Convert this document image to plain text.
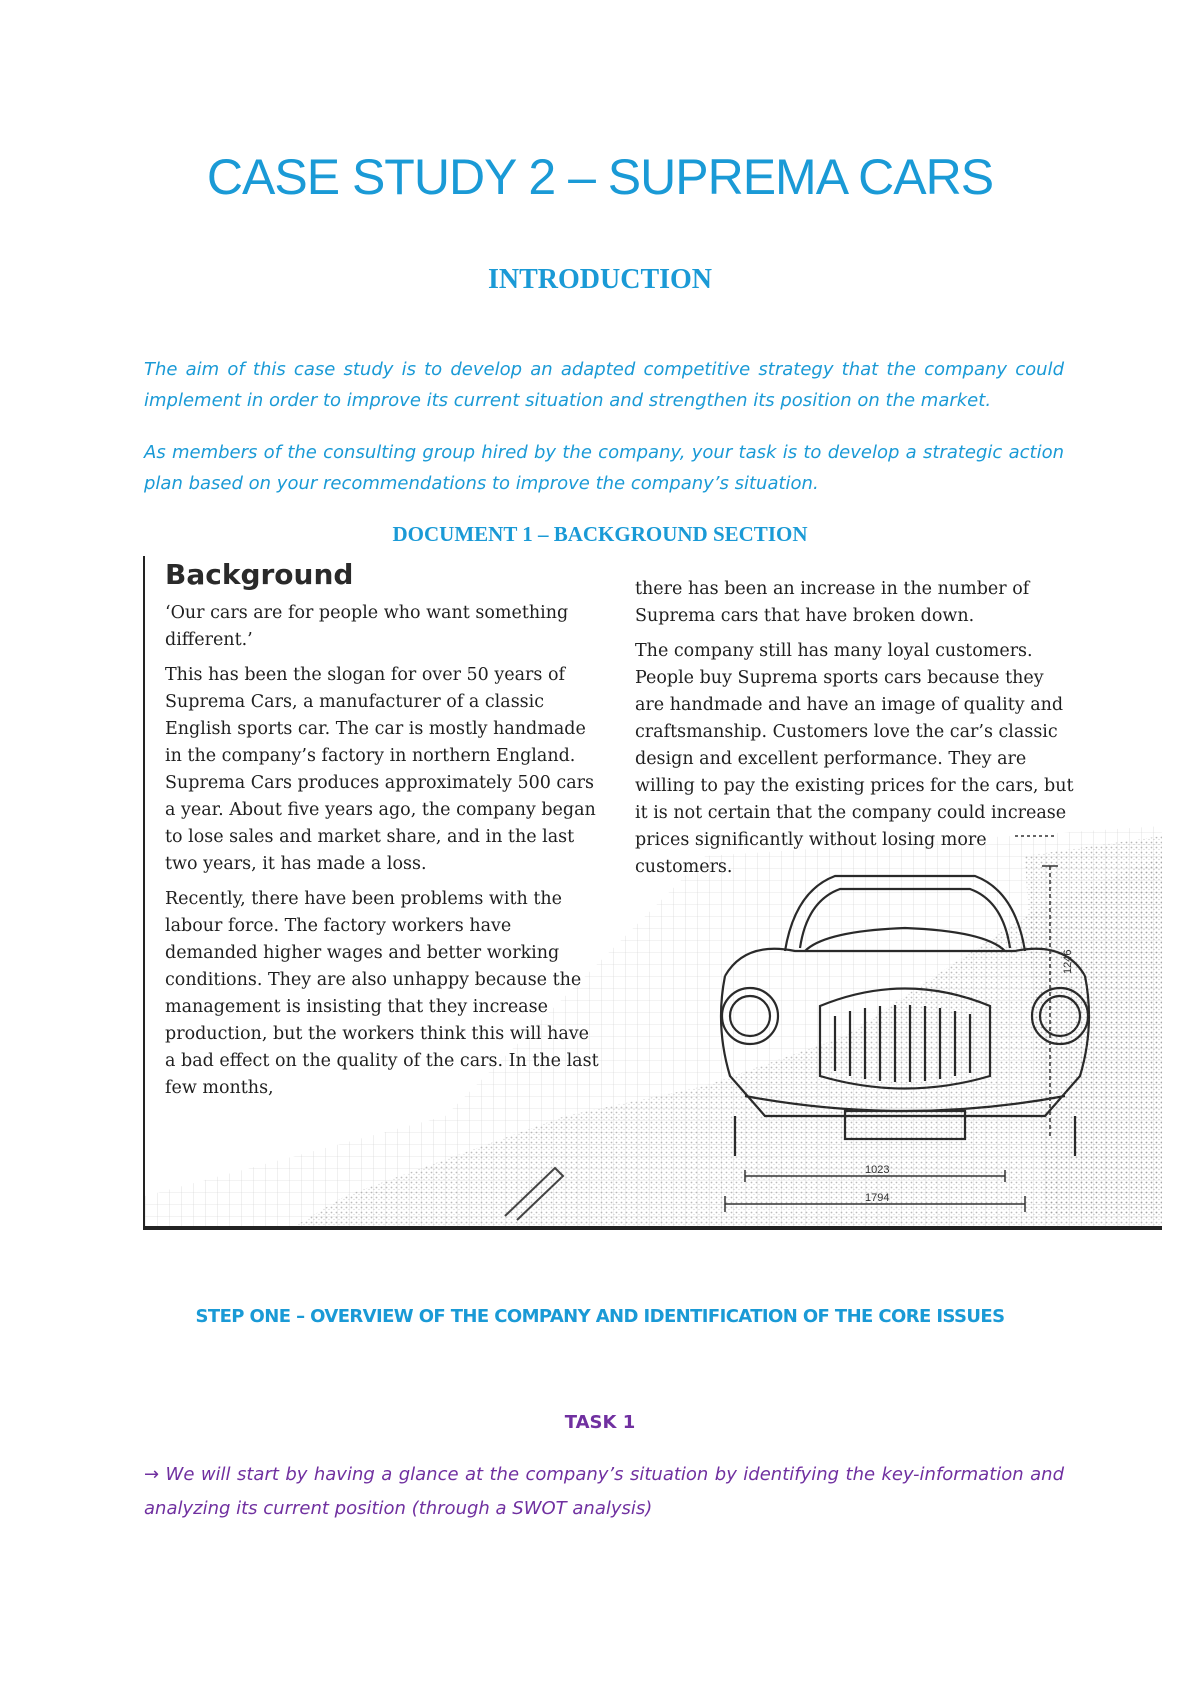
CASE STUDY 2 – SUPREMA CARS
INTRODUCTION

The aim of this case study is to develop an adapted competitive strategy that the company could implement in order to improve its current situation and strengthen its position on the market.

As members of the consulting group hired by the company, your task is to develop a strategic action plan based on your recommendations to improve the company’s situation.

DOCUMENT 1 – BACKGROUND SECTION
1023
1794
1246
Background

‘Our cars are for people who want something different.’

This has been the slogan for over 50 years of Suprema Cars, a manufacturer of a classic English sports car. The car is mostly handmade in the company’s factory in northern England. Suprema Cars produces approximately 500 cars a year. About five years ago, the company began to lose sales and market share, and in the last two years, it has made a loss.

Recently, there have been problems with the labour force. The factory workers have demanded higher wages and better working conditions. They are also unhappy because the management is insisting that they increase production, but the workers think this will have a bad effect on the quality of the cars. In the last few months,

there has been an increase in the number of Suprema cars that have broken down.

The company still has many loyal customers. People buy Suprema sports cars because they are handmade and have an image of quality and craftsmanship. Customers love the car’s classic design and excellent performance. They are willing to pay the existing prices for the cars, but it is not certain that the company could increase prices significantly without losing more customers.

STEP ONE – OVERVIEW OF THE COMPANY AND IDENTIFICATION OF THE CORE ISSUES
TASK 1

→ We will start by having a glance at the company’s situation by identifying the key-information and analyzing its current position (through a SWOT analysis)
